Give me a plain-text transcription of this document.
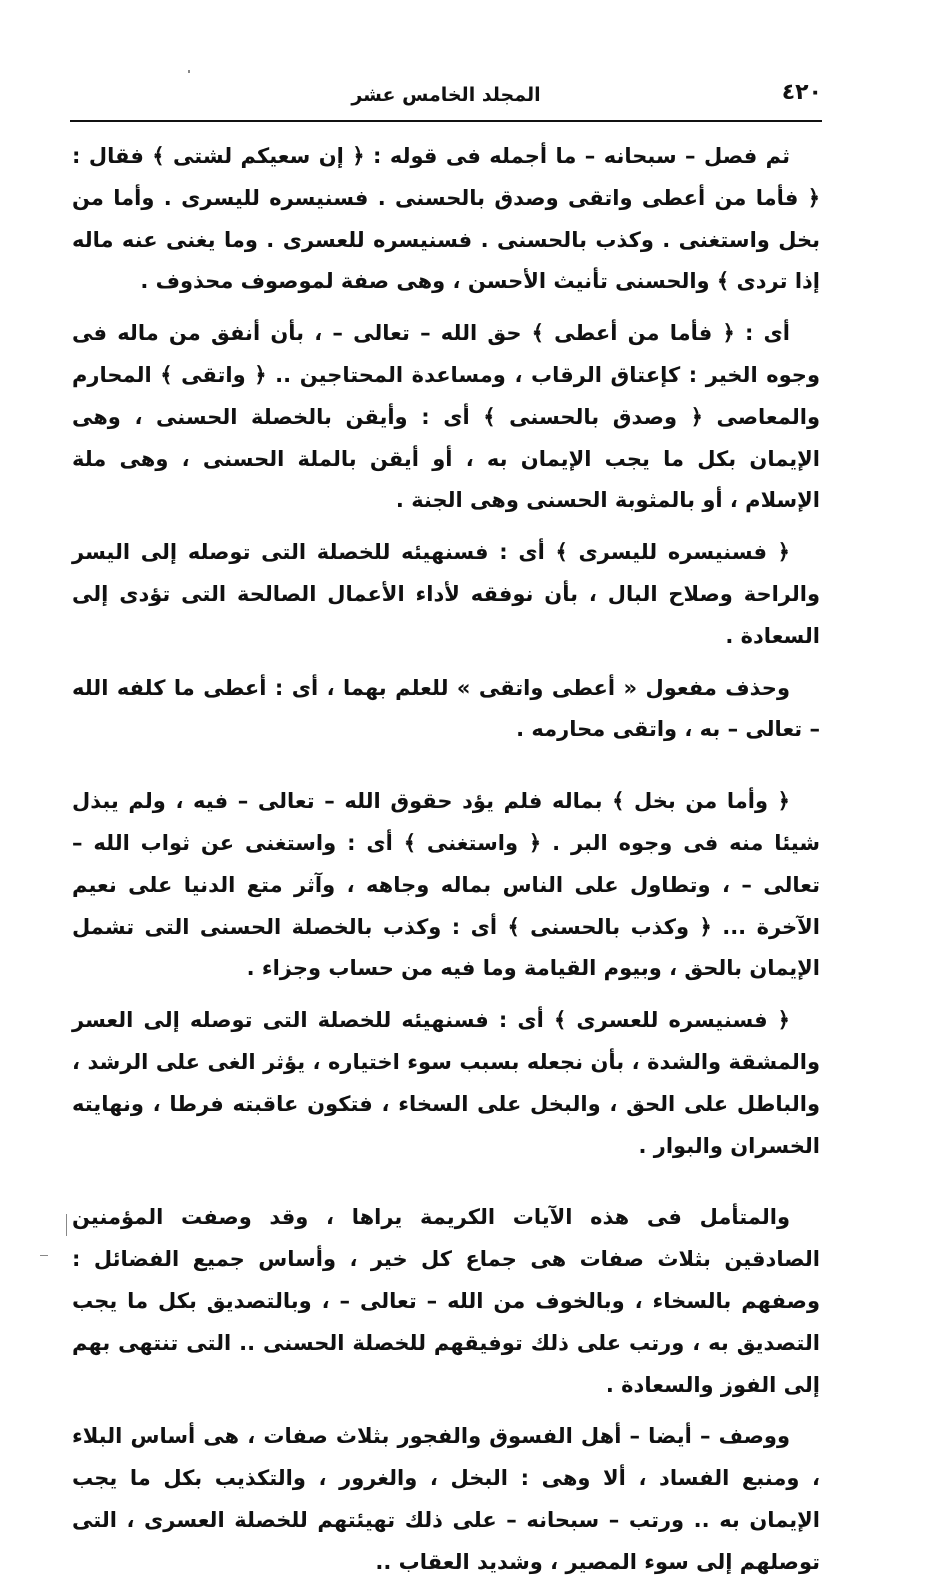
٤٢٠
المجلد الخامس عشر

ثم فصل – سبحانه – ما أجمله فى قوله : ﴿ إن سعيكم لشتى ﴾ فقال : ﴿ فأما من أعطى واتقى وصدق بالحسنى . فسنيسره لليسرى . وأما من بخل واستغنى . وكذب بالحسنى . فسنيسره للعسرى . وما يغنى عنه ماله إذا تردى ﴾ والحسنى تأنيث الأحسن ، وهى صفة لموصوف محذوف .

أى : ﴿ فأما من أعطى ﴾ حق الله – تعالى – ، بأن أنفق من ماله فى وجوه الخير : كإعتاق الرقاب ، ومساعدة المحتاجين .. ﴿ واتقى ﴾ المحارم والمعاصى ﴿ وصدق بالحسنى ﴾ أى : وأيقن بالخصلة الحسنى ، وهى الإيمان بكل ما يجب الإيمان به ، أو أيقن بالملة الحسنى ، وهى ملة الإسلام ، أو بالمثوبة الحسنى وهى الجنة .

﴿ فسنيسره لليسرى ﴾ أى : فسنهيئه للخصلة التى توصله إلى اليسر والراحة وصلاح البال ، بأن نوفقه لأداء الأعمال الصالحة التى تؤدى إلى السعادة .

وحذف مفعول « أعطى واتقى » للعلم بهما ، أى : أعطى ما كلفه الله – تعالى – به ، واتقى محارمه .

﴿ وأما من بخل ﴾ بماله فلم يؤد حقوق الله – تعالى – فيه ، ولم يبذل شيئا منه فى وجوه البر . ﴿ واستغنى ﴾ أى : واستغنى عن ثواب الله – تعالى – ، وتطاول على الناس بماله وجاهه ، وآثر متع الدنيا على نعيم الآخرة ... ﴿ وكذب بالحسنى ﴾ أى : وكذب بالخصلة الحسنى التى تشمل الإيمان بالحق ، وبيوم القيامة وما فيه من حساب وجزاء .

﴿ فسنيسره للعسرى ﴾ أى : فسنهيئه للخصلة التى توصله إلى العسر والمشقة والشدة ، بأن نجعله بسبب سوء اختياره ، يؤثر الغى على الرشد ، والباطل على الحق ، والبخل على السخاء ، فتكون عاقبته فرطا ، ونهايته الخسران والبوار .

والمتأمل فى هذه الآيات الكريمة يراها ، وقد وصفت المؤمنين الصادقين بثلاث صفات هى جماع كل خير ، وأساس جميع الفضائل : وصفهم بالسخاء ، وبالخوف من الله – تعالى – ، وبالتصديق بكل ما يجب التصديق به ، ورتب على ذلك توفيقهم للخصلة الحسنى .. التى تنتهى بهم إلى الفوز والسعادة .

ووصف – أيضا – أهل الفسوق والفجور بثلاث صفات ، هى أساس البلاء ، ومنبع الفساد ، ألا وهى : البخل ، والغرور ، والتكذيب بكل ما يجب الإيمان به .. ورتب – سبحانه – على ذلك تهيئتهم للخصلة العسرى ، التى توصلهم إلى سوء المصير ، وشديد العقاب ..
